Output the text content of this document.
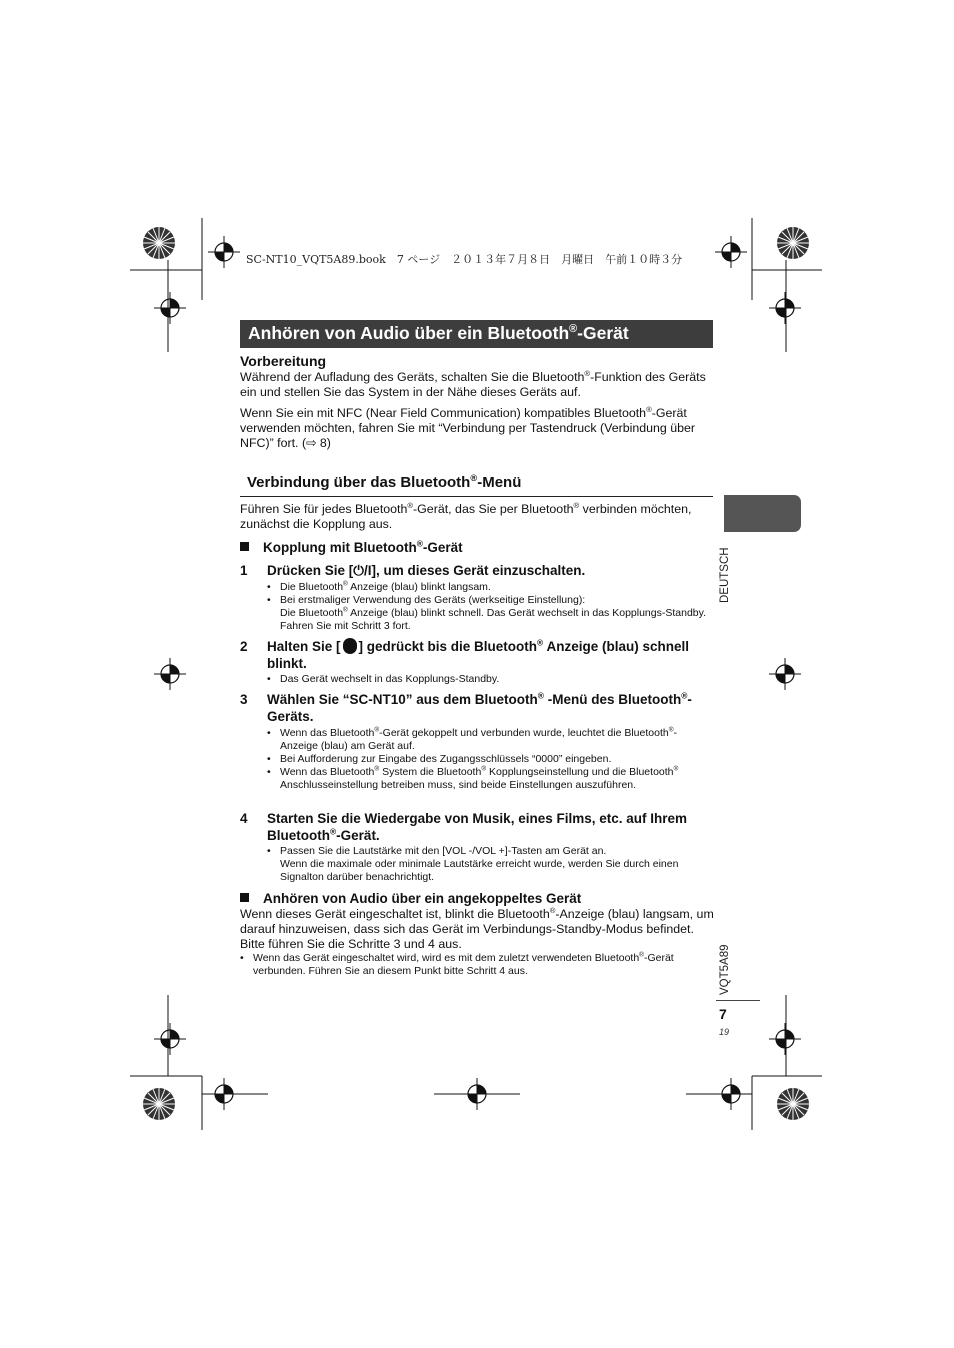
SC-NT10_VQT5A89.book　7 ページ　２０１３年７月８日　月曜日　午前１０時３分
Anhören von Audio über ein Bluetooth®-Gerät
Vorbereitung
Während der Aufladung des Geräts, schalten Sie die Bluetooth®-Funktion des Geräts ein und stellen Sie das System in der Nähe dieses Geräts auf.
Wenn Sie ein mit NFC (Near Field Communication) kompatibles Bluetooth®-Gerät verwenden möchten, fahren Sie mit “Verbindung per Tastendruck (Verbindung über NFC)” fort. (⇨ 8)
Verbindung über das Bluetooth®-Menü
Führen Sie für jedes Bluetooth®-Gerät, das Sie per Bluetooth® verbinden möchten, zunächst die Kopplung aus.
Kopplung mit Bluetooth®-Gerät
1 Drücken Sie [⏻/I], um dieses Gerät einzuschalten.
• Die Bluetooth® Anzeige (blau) blinkt langsam.
• Bei erstmaliger Verwendung des Geräts (werkseitige Einstellung):
Die Bluetooth® Anzeige (blau) blinkt schnell. Das Gerät wechselt in das Kopplungs-Standby. Fahren Sie mit Schritt 3 fort.
2 Halten Sie [ ] gedrückt bis die Bluetooth® Anzeige (blau) schnell blinkt.
• Das Gerät wechselt in das Kopplungs-Standby.
3 Wählen Sie “SC-NT10” aus dem Bluetooth® -Menü des Bluetooth®-Geräts.
• Wenn das Bluetooth®-Gerät gekoppelt und verbunden wurde, leuchtet die Bluetooth®-Anzeige (blau) am Gerät auf.
• Bei Aufforderung zur Eingabe des Zugangsschlüssels “0000” eingeben.
• Wenn das Bluetooth® System die Bluetooth® Kopplungseinstellung und die Bluetooth® Anschlusseinstellung betreiben muss, sind beide Einstellungen auszuführen.
4 Starten Sie die Wiedergabe von Musik, eines Films, etc. auf Ihrem Bluetooth®-Gerät.
• Passen Sie die Lautstärke mit den [VOL -/VOL +]-Tasten am Gerät an.
Wenn die maximale oder minimale Lautstärke erreicht wurde, werden Sie durch einen Signalton darüber benachrichtigt.
Anhören von Audio über ein angekoppeltes Gerät
Wenn dieses Gerät eingeschaltet ist, blinkt die Bluetooth®-Anzeige (blau) langsam, um darauf hinzuweisen, dass sich das Gerät im Verbindungs-Standby-Modus befindet. Bitte führen Sie die Schritte 3 und 4 aus.
• Wenn das Gerät eingeschaltet wird, wird es mit dem zuletzt verwendeten Bluetooth®-Gerät verbunden. Führen Sie an diesem Punkt bitte Schritt 4 aus.
DEUTSCH
VQT5A89
7
19
